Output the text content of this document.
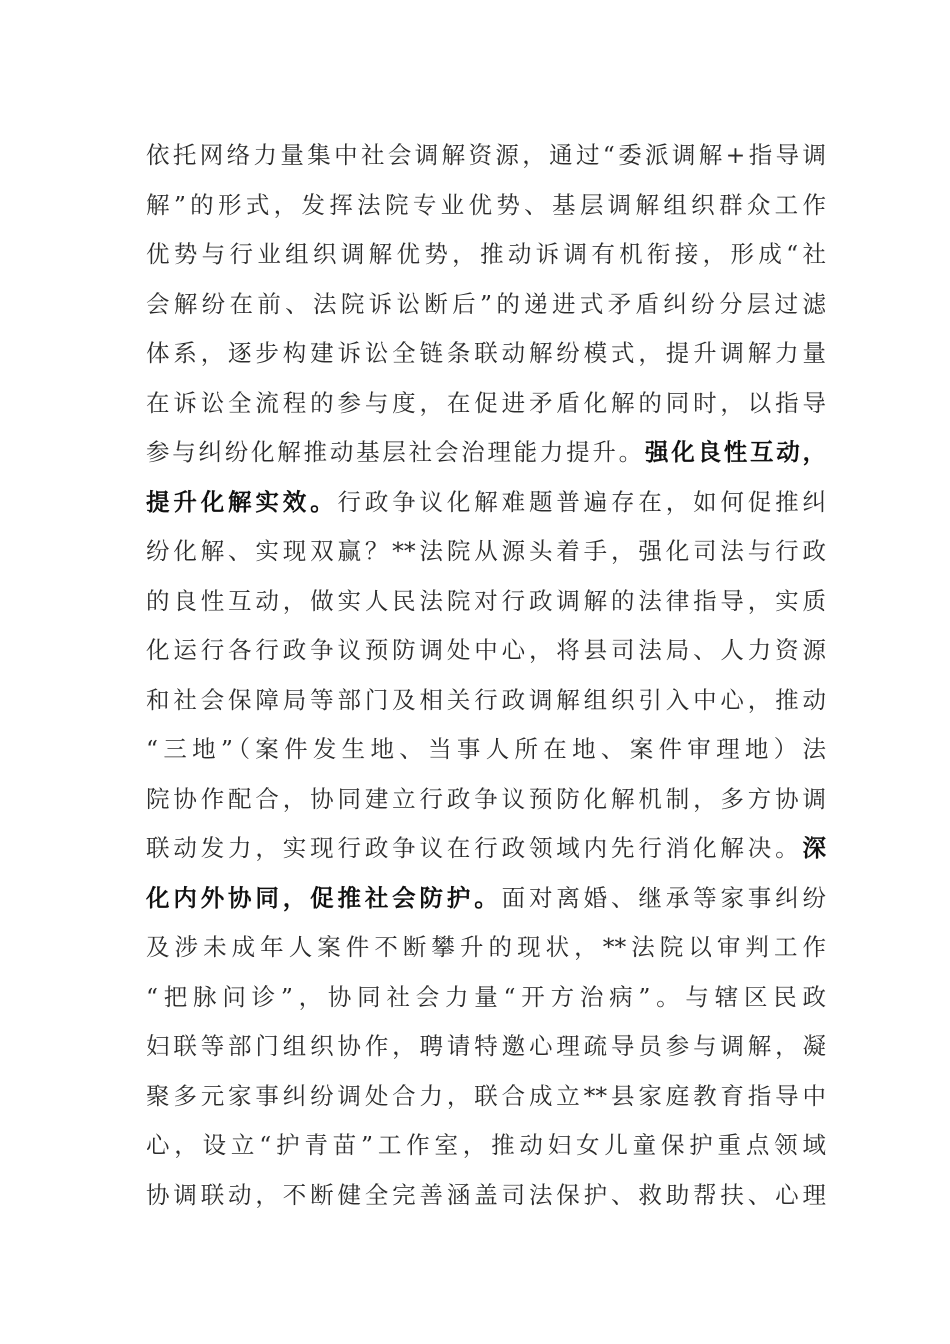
依托网络力量集中社会调解资源，通过“委派调解+指导调
解”的形式，发挥法院专业优势、基层调解组织群众工作
优势与行业组织调解优势，推动诉调有机衔接，形成“社
会解纷在前、法院诉讼断后”的递进式矛盾纠纷分层过滤
体系，逐步构建诉讼全链条联动解纷模式，提升调解力量
在诉讼全流程的参与度，在促进矛盾化解的同时，以指导
参与纠纷化解推动基层社会治理能力提升。强化良性互动，
提升化解实效。行政争议化解难题普遍存在，如何促推纠
纷化解、实现双赢？**法院从源头着手，强化司法与行政
的良性互动，做实人民法院对行政调解的法律指导，实质
化运行各行政争议预防调处中心，将县司法局、人力资源
和社会保障局等部门及相关行政调解组织引入中心，推动
“三地”（案件发生地、当事人所在地、案件审理地）法
院协作配合，协同建立行政争议预防化解机制，多方协调
联动发力，实现行政争议在行政领域内先行消化解决。深
化内外协同，促推社会防护。面对离婚、继承等家事纠纷
及涉未成年人案件不断攀升的现状，**法院以审判工作
“把脉问诊”，协同社会力量“开方治病”。与辖区民政
妇联等部门组织协作，聘请特邀心理疏导员参与调解，凝
聚多元家事纠纷调处合力，联合成立**县家庭教育指导中
心，设立“护青苗”工作室，推动妇女儿童保护重点领域
协调联动，不断健全完善涵盖司法保护、救助帮扶、心理
